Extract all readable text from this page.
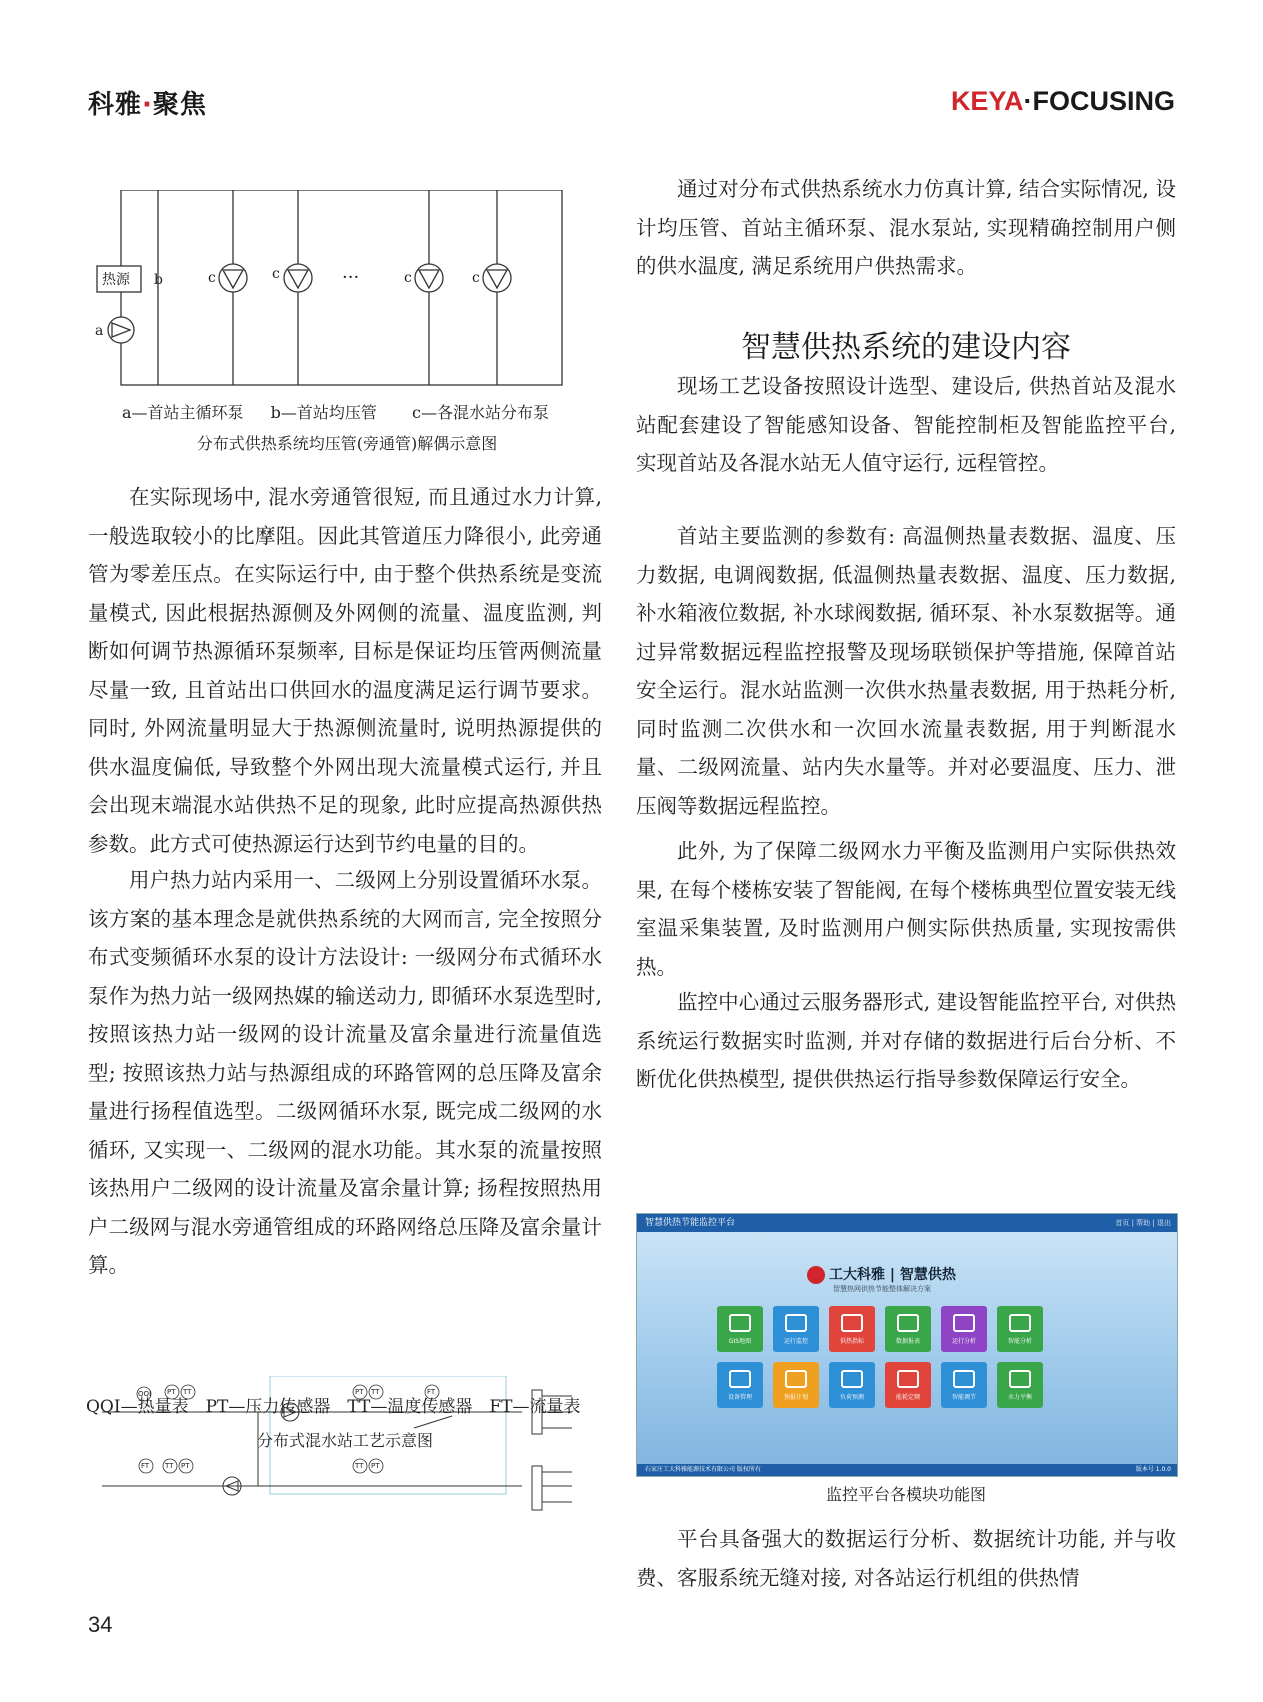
科雅·聚焦	KEYA·FOCUSING
热源
a
b	c	c	···	c	c
a—首站主循环泵 b—首站均压管 c—各混水站分布泵
分布式供热系统均压管(旁通管)解偶示意图

在实际现场中, 混水旁通管很短, 而且通过水力计算, 一般选取较小的比摩阻。因此其管道压力降很小, 此旁通管为零差压点。在实际运行中, 由于整个供热系统是变流量模式, 因此根据热源侧及外网侧的流量、温度监测, 判断如何调节热源循环泵频率, 目标是保证均压管两侧流量尽量一致, 且首站出口供回水的温度满足运行调节要求。同时, 外网流量明显大于热源侧流量时, 说明热源提供的供水温度偏低, 导致整个外网出现大流量模式运行, 并且会出现末端混水站供热不足的现象, 此时应提高热源供热参数。此方式可使热源运行达到节约电量的目的。

用户热力站内采用一、二级网上分别设置循环水泵。该方案的基本理念是就供热系统的大网而言, 完全按照分布式变频循环水泵的设计方法设计: 一级网分布式循环水泵作为热力站一级网热媒的输送动力, 即循环水泵选型时, 按照该热力站一级网的设计流量及富余量进行流量值选型; 按照该热力站与热源组成的环路管网的总压降及富余量进行扬程值选型。二级网循环水泵, 既完成二级网的水循环, 又实现一、二级网的混水功能。其水泵的流量按照该热用户二级网的设计流量及富余量计算; 扬程按照热用户二级网与混水旁通管组成的环路网络总压降及富余量计算。

QQI PT TT	PT TT	FT
FT TT PT	TT PT
QQI—热量表　PT—压力传感器　TT—温度传感器　FT—流量表
分布式混水站工艺示意图

通过对分布式供热系统水力仿真计算, 结合实际情况, 设计均压管、首站主循环泵、混水泵站, 实现精确控制用户侧的供水温度, 满足系统用户供热需求。

智慧供热系统的建设内容

现场工艺设备按照设计选型、建设后, 供热首站及混水站配套建设了智能感知设备、智能控制柜及智能监控平台, 实现首站及各混水站无人值守运行, 远程管控。

首站主要监测的参数有: 高温侧热量表数据、温度、压力数据, 电调阀数据, 低温侧热量表数据、温度、压力数据, 补水箱液位数据, 补水球阀数据, 循环泵、补水泵数据等。通过异常数据远程监控报警及现场联锁保护等措施, 保障首站安全运行。混水站监测一次供水热量表数据, 用于热耗分析, 同时监测二次供水和一次回水流量表数据, 用于判断混水量、二级网流量、站内失水量等。并对必要温度、压力、泄压阀等数据远程监控。

此外, 为了保障二级网水力平衡及监测用户实际供热效果, 在每个楼栋安装了智能阀, 在每个楼栋典型位置安装无线室温采集装置, 及时监测用户侧实际供热质量, 实现按需供热。

监控中心通过云服务器形式, 建设智能监控平台, 对供热系统运行数据实时监测, 并对存储的数据进行后台分析、不断优化供热模型, 提供供热运行指导参数保障运行安全。

智慧供热节能监控平台	首页 | 帮助 | 退出
工大科雅 | 智慧供热
智慧热网供热节能整体解决方案
GIS地图	运行监控	供热指标	数据报表	运行分析	智能分析
设备管理	预报计划	负荷预测	能耗定额	智能调节	水力平衡
石家庄工大科雅能源技术有限公司 版权所有	版本号 1.0.0
监控平台各模块功能图

平台具备强大的数据运行分析、数据统计功能, 并与收费、客服系统无缝对接, 对各站运行机组的供热情

34
